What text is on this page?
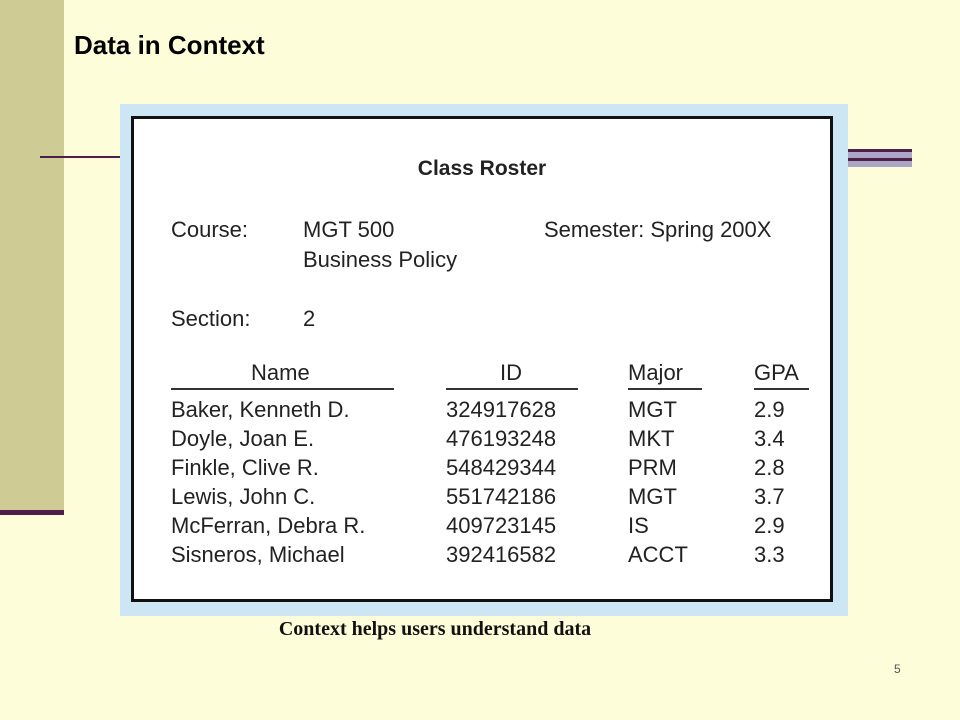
Data in Context
Class Roster
Course: MGT 500
Business Policy
Semester: Spring 200X
Section: 2
Name	ID	Major	GPA
Baker, Kenneth D.	324917628	MGT	2.9
Doyle, Joan E.	476193248	MKT	3.4
Finkle, Clive R.	548429344	PRM	2.8
Lewis, John C.	551742186	MGT	3.7
McFerran, Debra R.	409723145	IS	2.9
Sisneros, Michael	392416582	ACCT	3.3
Context helps users understand data
5
